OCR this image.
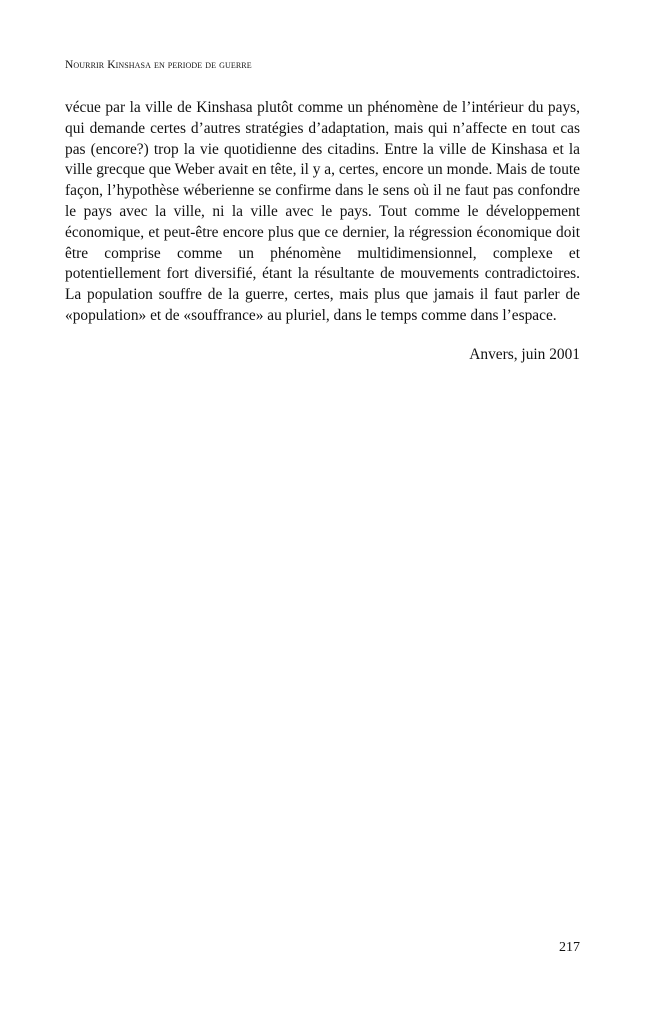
Nourrir Kinshasa en periode de guerre

vécue par la ville de Kinshasa plutôt comme un phénomène de l’intérieur du pays, qui demande certes d’autres stratégies d’adaptation, mais qui n’affecte en tout cas pas (encore?) trop la vie quotidienne des citadins. Entre la ville de Kinshasa et la ville grecque que Weber avait en tête, il y a, certes, encore un monde. Mais de toute façon, l’hypothèse wéberienne se confirme dans le sens où il ne faut pas confondre le pays avec la ville, ni la ville avec le pays. Tout comme le développement économique, et peut-être encore plus que ce dernier, la régression économique doit être comprise comme un phénomène multidimensionnel, complexe et potentiellement fort diversifié, étant la résultante de mouvements contradictoires. La population souffre de la guerre, certes, mais plus que jamais il faut parler de «population» et de «souffrance» au pluriel, dans le temps comme dans l’espace.

Anvers, juin 2001
217
